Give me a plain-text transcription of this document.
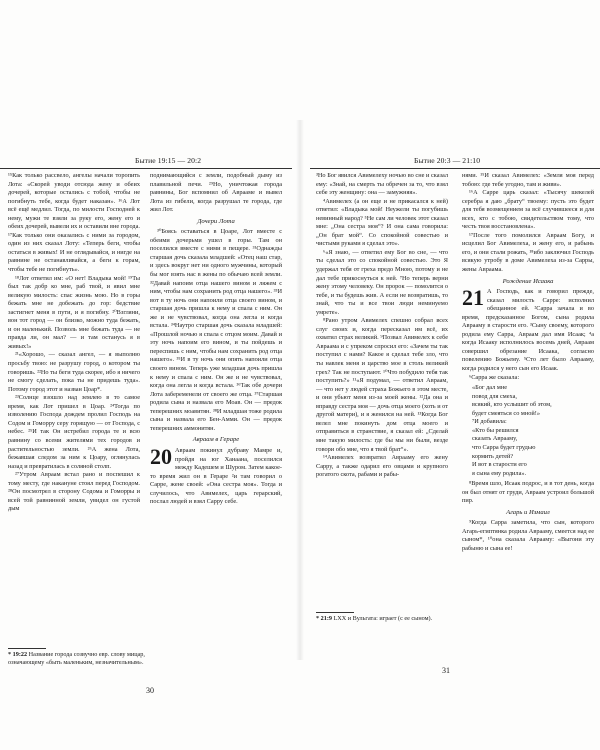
Бытие 19:15 — 20:2

¹⁵Как только рассвело, ангелы начали торопить Лота: «Скорей уводи отсюда жену и обеих дочерей, которые остались с тобой, чтобы не погибнуть тебе, когда будет наказан». ¹⁶А Лот всё ещё медлил. Тогда, по милости Господней к нему, мужи те взяли за руку его, жену его и обеих дочерей, вывели их и оставили вне города. ¹⁷Как только они оказались с ними за городом, один из них сказал Лоту: «Теперь беги, чтобы остаться в живых! И не оглядывайся, и нигде на равнине не останавливайся, а беги к горам, чтобы тебе не погибнуть».

¹⁸Лот ответил им: «О нет! Владыка мой! ¹⁹Ты был так добр ко мне, раб твой, и явил мне великую милость: спас жизнь мою. Но в горы бежать мне не добежать до гор: бедствие застигнет меня в пути, и я погибну. ²⁰Взгляни, вон тот город — он близко, можно туда бежать, и он маленький. Позволь мне бежать туда — не правда ли, он мал? — и там останусь я в живых!»

²¹«Хорошо, — сказал ангел, — я выполню просьбу твою: не разрушу город, о котором ты говоришь. ²²Но ты беги туда скорее, ибо я ничего не смогу сделать, пока ты не придешь туда». Потому город этот и назван Цоар*.

²³Солнце взошло над землею в то самое время, как Лот пришел в Цоар. ²⁴Тогда по изволению Господа дождем пролил Господь на Содом и Гоморру серу горящую — от Господа, с небес. ²⁵И так Он истребил города те и всю равнину со всеми жителями тех городов и растительностью земли. ²⁶А жена Лота, бежавшая следом за ним к Цоару, оглянулась назад и превратилась в соляной столп.

²⁷Утром Авраам встал рано и поспешил к тому месту, где накануне стоял перед Господом. ²⁸Он посмотрел в сторону Содома и Гоморры и всей той равнинной земли, увидел он густой дым

поднимающийся с земли, подобный дыму из плавильной печи. ²⁹Но, уничтожая города равнины, Бог вспомнил об Аврааме и вывел Лота из гибели, когда разрушал те города, где жил Лот.

Дочери Лота

³⁰Боясь оставаться в Цоаре, Лот вместе с обеими дочерьми ушел в горы. Там он поселился вместе с ними в пещере. ³¹Однажды старшая дочь сказала младшей: «Отец наш стар, и здесь вокруг нет ни одного мужчины, который бы мог взять нас в жены по обычаю всей земли. ³²Давай напоим отца нашего вином и ляжем с ним, чтобы нам сохранить род отца нашего». ³³И вот в ту ночь они напоили отца своего вином, и старшая дочь пришла к нему и спала с ним. Он же и не чувствовал, когда она легла и когда встала. ³⁴Наутро старшая дочь сказала младшей: «Прошлой ночью я спала с отцом моим. Давай и эту ночь напоим его вином, и ты пойдешь и переспишь с ним, чтобы нам сохранить род отца нашего». ³⁵И в ту ночь они опять напоили отца своего вином. Теперь уже младшая дочь пришла к нему и спала с ним. Он же и не чувствовал, когда она легла и когда встала. ³⁶Так обе дочери Лота забеременели от своего же отца. ³⁷Старшая родила сына и назвала его Моав. Он — предок теперешних моавитян. ³⁸И младшая тоже родила сына и назвала его Бен-Амми. Он — предок теперешних аммонитян.

Авраам в Герарe

20 Авраам покинул дубраву Мамре и, пройдя на юг Ханаана, поселился между Кадешем и Шуром. Затем какое-то время жил он в Герарe ²и там говорил о Сарре, жене своей: «Она сестра моя». Тогда и случилось, что Авимелех, царь герарский, послал людей и взял Сарру себе.

* 19:22 Название города созвучно евр. слову мицар, означающему «быть маленьким, незначительным».
30
Бытие 20:3 — 21:10

³Но Бог явился Авимелеху ночью во сне и сказал ему: «Знай, на смерть ты обречен за то, что взял себе эту женщину: она — замужняя».

⁴Авимелех (а он еще и не прикасался к ней) ответил: «Владыка мой! Неужели ты погубишь невинный народ? ⁵Не сам ли человек этот сказал мне: „Она сестра моя“? И она сама говорила: „Он брат мой“. Со спокойной совестью и чистыми руками я сделал это».

⁶«Я знаю, — ответил ему Бог во сне, — что ты сделал это со спокойной совестью. Это Я удержал тебя от греха предо Мною, потому и не дал тебе прикоснуться к ней. ⁷Но теперь верни жену этому человеку. Он пророк — помолится о тебе, и ты будешь жив. А если не возвратишь, то знай, что ты и все твои люди неминуемо умрете».

⁸Рано утром Авимелех спешно собрал всех слуг своих и, когда пересказал им всё, их охватил страх великий. ⁹Позвал Авимелех к себе Авраама и с упреком спросил его: «Зачем ты так поступил с нами? Какое я сделал тебе зло, что ты навлек меня и царство мое в столь великий грех? Так не поступают. ¹⁰Что побудило тебя так поступить?» ¹¹«Я подумал, — ответил Авраам, — что нет у людей страха Божьего в этом месте, и они убьют меня из-за моей жены. ¹²Да она и вправду сестра моя — дочь отца моего (хоть и от другой матери), и я женился на ней. ¹³Когда Бог велел мне покинуть дом отца моего и отправиться в странствие, я сказал ей: „Сделай мне такую милость: где бы мы ни были, везде говори обо мне, что я твой брат“».

¹⁴Авимелех возвратил Аврааму его жену Сарру, а также одарил его овцами и крупного рогатого скота, рабами и рабы-

нями. ¹⁵И сказал Авимелех: «Земля моя перед тобою: где тебе угодно, там и живи».

¹⁶А Сарре царь сказал: «Тысячу шекелей серебра я даю „брату“ твоему: пусть это будет для тебя возмещением за всё случившееся и для всех, кто с тобою, свидетельством тому, что честь твоя восстановлена».

¹⁷После того помолился Авраам Богу, и исцелил Бог Авимелеха, и жену его, и рабынь его, и они стали рожать, ¹⁸ибо заключил Господь всякую утробу в доме Авимелеха из-за Сарры, жены Авраама.

Рождение Исаака

21 А Господь, как и говорил прежде, сказал милость Сарре: исполнил обещанное ей. ²Сарра зачала и во время, предсказанное Богом, сына родила Аврааму в старости его. ³Сыну своему, которого родила ему Сарра, Авраам дал имя Исаак; ⁴а когда Исааку исполнилось восемь дней, Авраам совершил обрезание Исаака, согласно повелению Божьему. ⁵Сто лет было Аврааму, когда родился у него сын его Исаак.

⁶Сарра же сказала:

«Бог дал мне
повод для смеха,
всякий, кто услышит об этом,
будет смеяться со мной!»
⁷И добавила:
«Кто бы решился
сказать Аврааму,
что Сарра будет грудью
кормить детей?
И вот в старости его
я сына ему родила».

⁸Время шло, Исаак подрос, и в тот день, когда он был отнят от груди, Авраам устроил большой пир.

Агарь и Измаил

⁹Когда Сарра заметила, что сын, которого Агарь-египтянка родила Аврааму, смеется над ее сыном*, ¹⁰она сказала Аврааму: «Выгони эту рабыню и сына ее!

* 21:9 LXX и Вульгата: играет (с ее сыном).
31
